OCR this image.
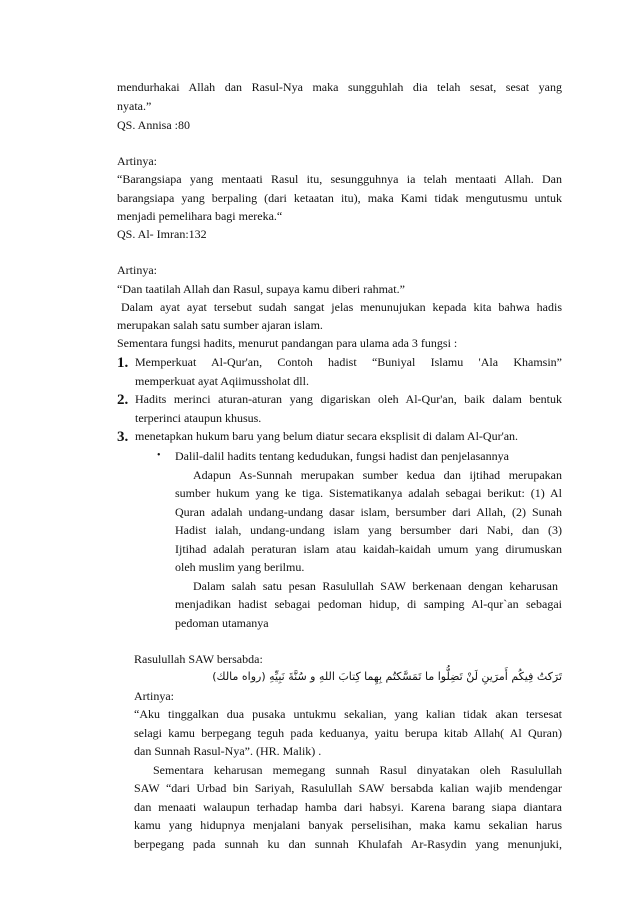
mendurhakai Allah dan Rasul-Nya maka sungguhlah dia telah sesat, sesat yang
nyata.”
QS. Annisa :80
Artinya:
“Barangsiapa yang mentaati Rasul itu, sesungguhnya ia telah mentaati Allah. Dan
barangsiapa yang berpaling (dari ketaatan itu), maka Kami tidak mengutusmu untuk
menjadi pemelihara bagi mereka.“
QS. Al- Imran:132
Artinya:
“Dan taatilah Allah dan Rasul, supaya kamu diberi rahmat.”
Dalam ayat ayat tersebut sudah sangat jelas menunujukan kepada kita bahwa hadis
merupakan salah satu sumber ajaran islam.
Sementara fungsi hadits, menurut pandangan para ulama ada 3 fungsi :
1. Memperkuat Al-Qur'an, Contoh hadist “Buniyal Islamu 'Ala Khamsin”
memperkuat ayat Aqiimussholat dll.
2. Hadits merinci aturan-aturan yang digariskan oleh Al-Qur'an, baik dalam bentuk
terperinci ataupun khusus.
3. menetapkan hukum baru yang belum diatur secara eksplisit di dalam Al-Qur'an.
• Dalil-dalil hadits tentang kedudukan, fungsi hadist dan penjelasannya
Adapun As-Sunnah merupakan sumber kedua dan ijtihad merupakan
sumber hukum yang ke tiga. Sistematikanya adalah sebagai berikut: (1) Al
Quran adalah undang-undang dasar islam, bersumber dari Allah, (2) Sunah
Hadist ialah, undang-undang islam yang bersumber dari Nabi, dan (3)
Ijtihad adalah peraturan islam atau kaidah-kaidah umum yang dirumuskan
oleh muslim yang berilmu.
Dalam salah satu pesan Rasulullah SAW berkenaan dengan keharusan
menjadikan hadist sebagai pedoman hidup, di samping Al-qur`an sebagai
pedoman utamanya
Rasulullah SAW bersabda:
تَرَكتُ فِيكُم أَمرَينِ لَنْ تَضِلُّوا ما تَمَسَّكتُم بِهِما كِتابَ اللهِ و سُنَّةَ نَبِيِّهِ (رواه مالك)
Artinya:
“Aku tinggalkan dua pusaka untukmu sekalian, yang kalian tidak akan tersesat
selagi kamu berpegang teguh pada keduanya, yaitu berupa kitab Allah( Al Quran)
dan Sunnah Rasul-Nya”. (HR. Malik) .
Sementara keharusan memegang sunnah Rasul dinyatakan oleh Rasulullah
SAW “dari Urbad bin Sariyah, Rasulullah SAW bersabda kalian wajib mendengar
dan menaati walaupun terhadap hamba dari habsyi. Karena barang siapa diantara
kamu yang hidupnya menjalani banyak perselisihan, maka kamu sekalian harus
berpegang pada sunnah ku dan sunnah Khulafah Ar-Rasydin yang menunjuki,
